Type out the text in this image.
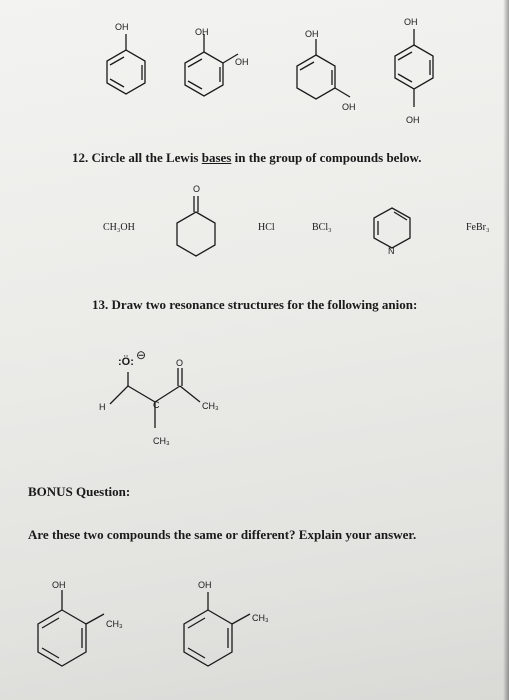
OH	OH
OH
OH
OH
OH
OH
12. Circle all the Lewis bases in the group of compounds below.
CH₃OH
O
HCl	BCl₃
N
FeBr₃
13. Draw two resonance structures for the following anion:
:Ö: ⊖
O
H	C	CH₃
CH₃
BONUS Question:
Are these two compounds the same or different? Explain your answer.
OH
CH₃
OH
CH₃
